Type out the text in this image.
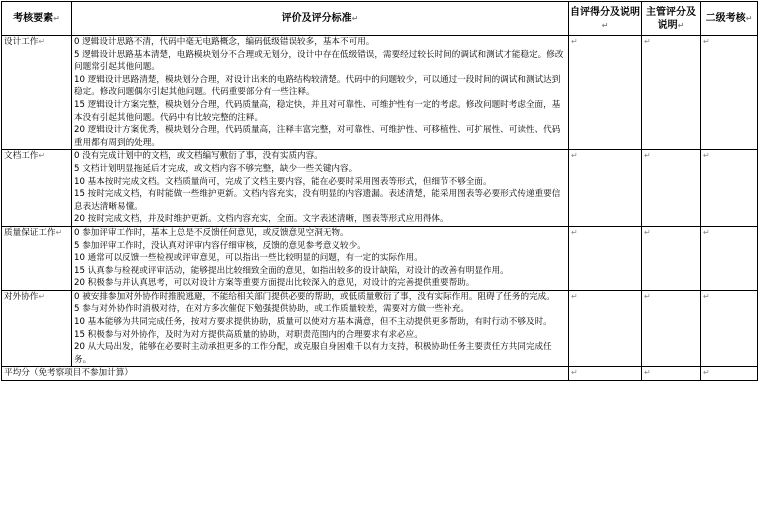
考核要素↵	评价及评分标准↵	自评得分及说明↵	主管评分及说明↵	二级考核↵
设计工作↵	0 逻辑设计思路不清，代码中毫无电路概念，编码低级错误较多，基本不可用。
5 逻辑设计思路基本清楚，电路模块划分不合理或无划分，设计中存在低级错误，需要经过较长时间的调试和测试才能稳定。修改问题常引起其他问题。
10 逻辑设计思路清楚，模块划分合理，对设计出来的电路结构较清楚。代码中的问题较少，可以通过一段时间的调试和测试达到稳定。修改问题偶尔引起其他问题。代码重要部分有一些注释。
15 逻辑设计方案完整，模块划分合理，代码质量高，稳定快，并且对可靠性、可维护性有一定的考虑。修改问题时考虑全面，基本没有引起其他问题。代码中有比较完整的注释。
20 逻辑设计方案优秀，模块划分合理，代码质量高，注释丰富完整，对可靠性、可维护性、可移植性、可扩展性、可读性、代码重用都有周到的处理。	↵	↵	↵
文档工作↵	0 没有完成计划中的文档，或文档编写敷衍了事，没有实质内容。
5 文档计划明显拖延后才完成，或文档内容不够完整，缺少一些关键内容。
10 基本按时完成文档。文档质量尚可，完成了文档主要内容，能在必要时采用图表等形式，但细节不够全面。
15 按时完成文档，有时能做一些维护更新。文档内容充实，没有明显的内容遗漏。表述清楚，能采用图表等必要形式传递重要信息表达清晰易懂。
20 按时完成文档，并及时维护更新。文档内容充实，全面。文字表述清晰，图表等形式应用得体。	↵	↵	↵
质量保证工作↵	0 参加评审工作时，基本上总是不反馈任何意见，或反馈意见空洞无物。
5 参加评审工作时，没认真对评审内容仔细审核，反馈的意见参考意义较少。
10 通常可以反馈一些检视或评审意见，可以指出一些比较明显的问题，有一定的实际作用。
15 认真参与检视或评审活动，能够提出比较细致全面的意见，如指出较多的设计缺陷，对设计的改善有明显作用。
20 积极参与并认真思考，可以对设计方案等重要方面提出比较深入的意见，对设计的完善提供重要帮助。	↵	↵	↵
对外协作↵	0 被安排参加对外协作时推脱逃避，不能给相关部门提供必要的帮助，或低质量敷衍了事，没有实际作用。阻碍了任务的完成。
5 参与对外协作时消极对待，在对方多次催促下勉强提供协助，或工作质量较差，需要对方做一些补充。
10 基本能够为共同完成任务，按对方要求提供协助，质量可以使对方基本满意，但不主动提供更多帮助，有时行动不够及时。
15 积极参与对外协作，及时为对方提供高质量的协助，对职责范围内的合理要求有求必应。
20 从大局出发，能够在必要时主动承担更多的工作分配，或克服自身困难千以有力支持，积极协助任务主要责任方共同完成任务。	↵	↵	↵
平均分（免考察项目不参加计算）		↵	↵	↵
